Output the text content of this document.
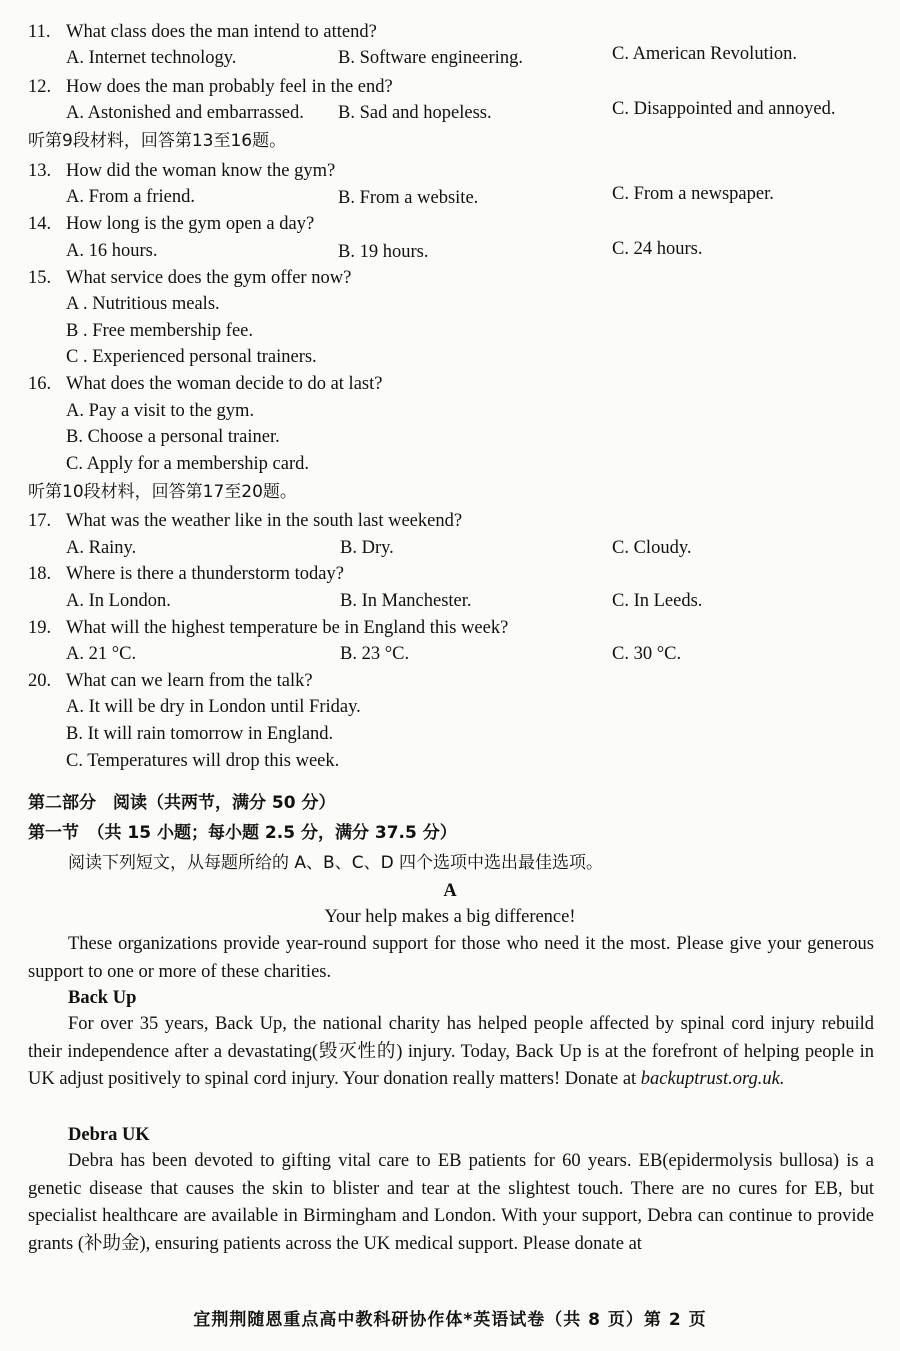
11. What class does the man intend to attend?
A. Internet technology.	B. Software engineering.	C. American Revolution.
12. How does the man probably feel in the end?
A. Astonished and embarrassed. B. Sad and hopeless.	C. Disappointed and annoyed.
听第9段材料，回答第13至16题。
13. How did the woman know the gym?
A. From a friend.	B. From a website.	C. From a newspaper.
14. How long is the gym open a day?
A. 16 hours.	B. 19 hours.	C. 24 hours.
15. What service does the gym offer now?
A . Nutritious meals.
B . Free membership fee.
C . Experienced personal trainers.
16. What does the woman decide to do at last?
A. Pay a visit to the gym.
B. Choose a personal trainer.
C. Apply for a membership card.
听第10段材料，回答第17至20题。
17. What was the weather like in the south last weekend?
A. Rainy.	B. Dry.	C. Cloudy.
18. Where is there a thunderstorm today?
A. In London.	B. In Manchester.	C. In Leeds.
19. What will the highest temperature be in England this week?
A. 21 °C.	B. 23 °C.	C. 30 °C.
20. What can we learn from the talk?
A. It will be dry in London until Friday.
B. It will rain tomorrow in England.
C. Temperatures will drop this week.
第二部分　阅读（共两节，满分 50 分）
第一节　（共 15 小题；每小题 2.5 分，满分 37.5 分）
阅读下列短文，从每题所给的 A、B、C、D 四个选项中选出最佳选项。
A
Your help makes a big difference!
These organizations provide year-round support for those who need it the most. Please give your generous support to one or more of these charities.
Back Up
For over 35 years, Back Up, the national charity has helped people affected by spinal cord injury rebuild their independence after a devastating(毁灭性的) injury. Today, Back Up is at the forefront of helping people in UK adjust positively to spinal cord injury. Your donation really matters! Donate at backuptrust.org.uk.
Debra UK
Debra has been devoted to gifting vital care to EB patients for 60 years. EB(epidermolysis bullosa) is a genetic disease that causes the skin to blister and tear at the slightest touch. There are no cures for EB, but specialist healthcare are available in Birmingham and London. With your support, Debra can continue to provide grants (补助金), ensuring patients across the UK medical support. Please donate at
宜荆荆随恩重点高中教科研协作体*英语试卷（共 8 页）第 2 页
